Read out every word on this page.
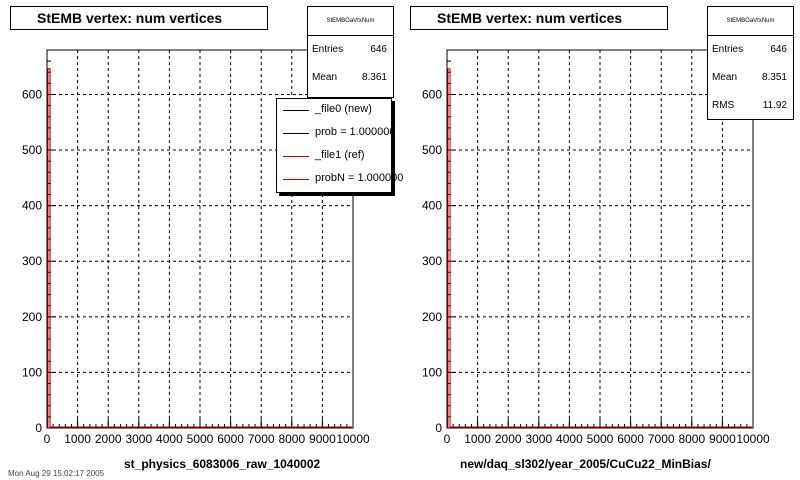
0 1000 2000 3000 4000 5000 6000 7000 8000 9000 10000
0
100
200
300
400
500
600
0 1000 2000 3000 4000 5000 6000 7000 8000 9000 10000
0
100
200
300
400
500
600
StEMB vertex: num vertices	StEMBGaVtxNum
Entries	646
Mean 8.361
_file0 (new)
prob = 1.000000
_file1 (ref)
probN = 1.000000
st_physics_6083006_raw_1040002
StEMB vertex: num vertices	StEMBGaVtxNum
Entries	646
Mean 8.351
RMS	11.92
new/daq_sl302/year_2005/CuCu22_MinBias/
Mon Aug 29 15:02:17 2005
